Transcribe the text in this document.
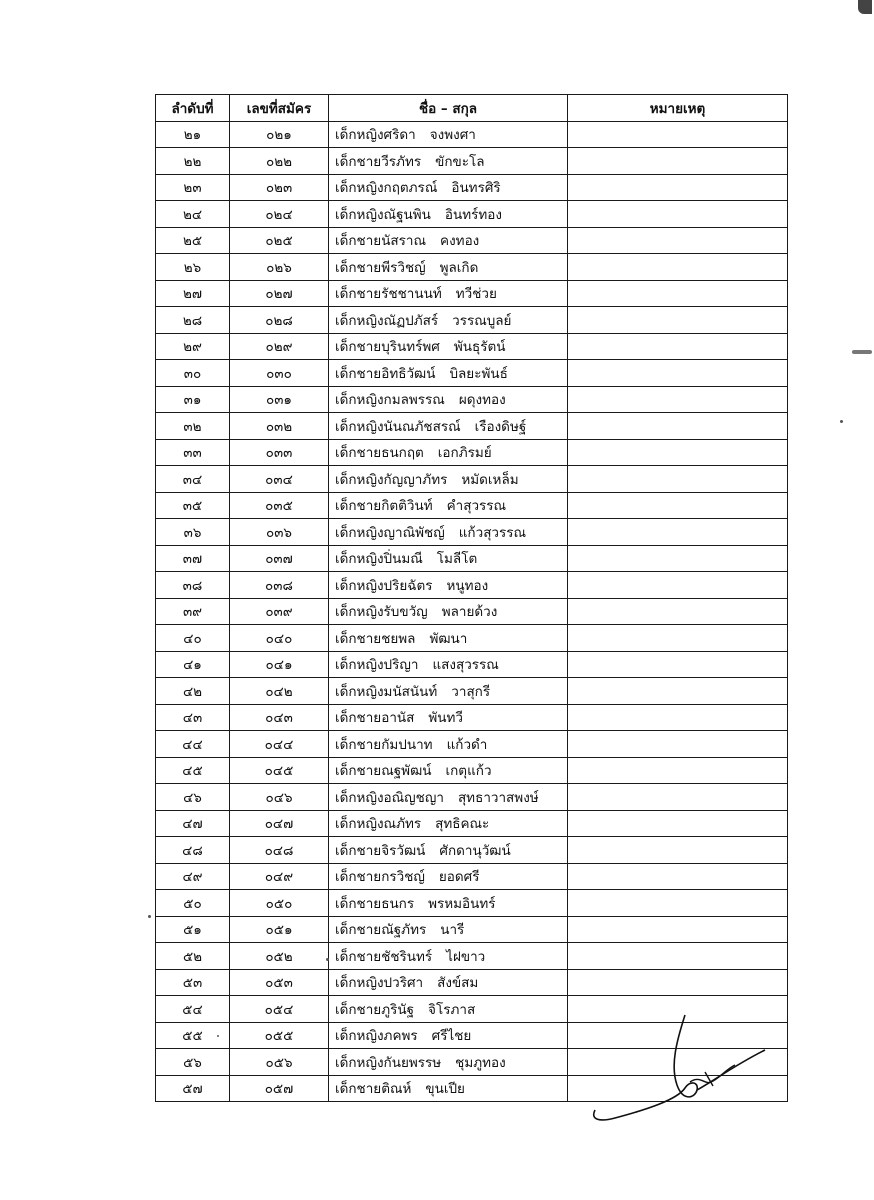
ลำดับที่	เลขที่สมัคร	ชื่อ – สกุล	หมายเหตุ
๒๑	๐๒๑	เด็กหญิงศริดา จงพงศา	
๒๒	๐๒๒	เด็กชายวีรภัทร ขักขะโล	
๒๓	๐๒๓	เด็กหญิงกฤตภรณ์ อินทรศิริ	
๒๔	๐๒๔	เด็กหญิงณัฐนพิน อินทร์ทอง	
๒๕	๐๒๕	เด็กชายนัสราณ คงทอง	
๒๖	๐๒๖	เด็กชายพีรวิชญ์ พูลเกิด	
๒๗	๐๒๗	เด็กชายรัชชานนท์ ทวีช่วย	
๒๘	๐๒๘	เด็กหญิงณัฏปภัสร์ วรรณบูลย์	
๒๙	๐๒๙	เด็กชายบุรินทร์พศ พันธุรัตน์	
๓๐	๐๓๐	เด็กชายอิทธิวัฒน์ บิลยะพันธ์	
๓๑	๐๓๑	เด็กหญิงกมลพรรณ ผดุงทอง	
๓๒	๐๓๒	เด็กหญิงนันณภัชสรณ์ เรืองดิษฐ์	
๓๓	๐๓๓	เด็กชายธนกฤต เอกภิรมย์	
๓๔	๐๓๔	เด็กหญิงกัญญาภัทร หมัดเหล็ม	
๓๕	๐๓๕	เด็กชายกิตติวินท์ คำสุวรรณ	
๓๖	๐๓๖	เด็กหญิงญาณิพัชญ์ แก้วสุวรรณ	
๓๗	๐๓๗	เด็กหญิงปิ่นมณี โมลีโต	
๓๘	๐๓๘	เด็กหญิงปริยฉัตร หนูทอง	
๓๙	๐๓๙	เด็กหญิงรับขวัญ พลายด้วง	
๔๐	๐๔๐	เด็กชายชยพล พัฒนา	
๔๑	๐๔๑	เด็กหญิงปริญา แสงสุวรรณ	
๔๒	๐๔๒	เด็กหญิงมนัสนันท์ วาสุกรี	
๔๓	๐๔๓	เด็กชายอานัส พันทวี	
๔๔	๐๔๔	เด็กชายกัมปนาท แก้วดำ	
๔๕	๐๔๕	เด็กชายณฐพัฒน์ เกตุแก้ว	
๔๖	๐๔๖	เด็กหญิงอณิญชญา สุทธาวาสพงษ์	
๔๗	๐๔๗	เด็กหญิงณภัทร สุทธิคณะ	
๔๘	๐๔๘	เด็กชายจิรวัฒน์ ศักดานุวัฒน์	
๔๙	๐๔๙	เด็กชายกรวิชญ์ ยอดศรี	
๕๐	๐๕๐	เด็กชายธนกร พรหมอินทร์	
๕๑	๐๕๑	เด็กชายณัฐภัทร นารี	
๕๒	๐๕๒	เด็กชายชัชรินทร์ ไฝขาว	
๕๓	๐๕๓	เด็กหญิงปวริศา สังข์สม	
๕๔	๐๕๔	เด็กชายภูรินัฐ จิโรภาส	
๕๕	๐๕๕	เด็กหญิงภคพร ศรีไชย	
๕๖	๐๕๖	เด็กหญิงกันยพรรษ ชุมภูทอง	
๕๗	๐๕๗	เด็กชายติณห์ ขุนเปีย	
